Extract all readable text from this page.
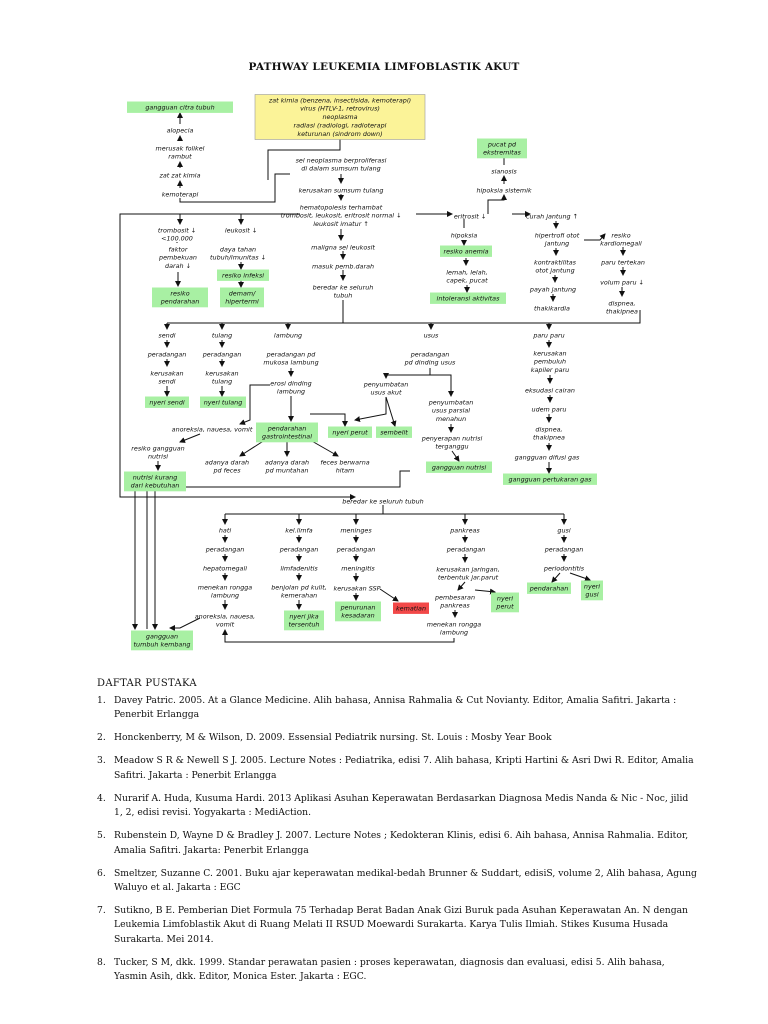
PATHWAY LEUKEMIA LIMFOBLASTIK AKUT
zat kimia (benzena, insectisida, kemoterapi)
virus (HTLV-1, retrovirus)
neoplasma
radiasi (radiologi, radioterapi
keturunan (sindrom down)
gangguan citra tubuh
alopecia
merusak folikel
rambut
zat zat kimia
kemoterapi
sel neoplasma berproliferasi
di dalam sumsum tulang
kerusakan sumsum tulang
hematopoiesis terhambat
trombosit, leukosit, eritrosit normal ↓
leukosit imatur ↑
maligna sel leukosit
masuk pemb.darah
beredar ke seluruh
tubuh
trombosit ↓
<100.000
faktor
pembekuan
darah ↓
resiko
pendarahan
leukosit ↓
daya tahan
tubuh/imunitas ↓
resiko infeksi
demam/
hipertermi
eritrosit ↓
hipoksia
resiko anemia
lemah, lelah,
capek, pucat
intoleransi aktivitas
pucat pd
ekstremitas
sianosis
hipoksia sistemik
curah jantung ↑
hipertrofi otot
jantung
kontraktilitas
otot jantung
payah jantung
thakikardia
resiko
kardiomegali
paru tertekan
volum paru ↓
dispnea,
thakipnea
sendi
peradangan
kerusakan
sendi
nyeri sendi
tulang
peradangan
kerusakan
tulang
nyeri tulang
lambung
peradangan pd
mukosa lambung
erosi dinding
lambung
pendarahan
gastrointestinal
anoreksia, nauesa, vomit
resiko gangguan
nutrisi
nutrisi kurang
dari kebutuhan
adanya darah
pd feces
adanya darah
pd muntahan
feces berwarna
hitam
nyeri perut sembelit
usus
peradangan
pd dinding usus
penyumbatan
usus akut
penyumbatan
usus parsial
menahun
penyerapan nutrisi
terganggu
gangguan nutrisi
paru paru
kerusakan
pembuluh
kapiler paru
eksudasi cairan
udem paru
dispnea,
thakipnea
gangguan difusi gas
gangguan pertukaran gas
beredar ke seluruh tubuh
hati
peradangan
hepatomegali
menekan rongga
lambung
anoreksia, nauesa,
vomit
kel.limfa
peradangan
limfadenitis
benjolan pd kulit,
kemerahan
nyeri jika
tersentuh
meninges
peradangan
meningitis
kerusakan SSP
penurunan
kesadaran
kematian
pankreas
peradangan
kerusakan jaringan,
terbentuk jar.parut
pembesaran
pankreas
nyeri
perut
menekan rongga
lambung
gusi
peradangan
periodontitis
pendarahan nyeri
gusi
gangguan
tumbuh kembang
DAFTAR PUSTAKA
1. Davey Patric. 2005. At a Glance Medicine. Alih bahasa, Annisa Rahmalia & Cut Novianty. Editor, Amalia Safitri. Jakarta : Penerbit Erlangga
2. Honckenberry, M & Wilson, D. 2009. Essensial Pediatrik nursing. St. Louis : Mosby Year Book
3. Meadow S R & Newell S J. 2005. Lecture Notes : Pediatrika, edisi 7. Alih bahasa, Kripti Hartini & Asri Dwi R. Editor, Amalia Safitri. Jakarta : Penerbit Erlangga
4. Nurarif A. Huda, Kusuma Hardi. 2013 Aplikasi Asuhan Keperawatan Berdasarkan Diagnosa Medis Nanda & Nic - Noc, jilid 1, 2, edisi revisi. Yogyakarta : MediAction.
5. Rubenstein D, Wayne D & Bradley J. 2007. Lecture Notes ; Kedokteran Klinis, edisi 6. Aih bahasa, Annisa Rahmalia. Editor, Amalia Safitri. Jakarta: Penerbit Erlangga
6. Smeltzer, Suzanne C. 2001. Buku ajar keperawatan medikal-bedah Brunner & Suddart, edisiS, volume 2, Alih bahasa, Agung Waluyo et al. Jakarta : EGC
7. Sutikno, B E. Pemberian Diet Formula 75 Terhadap Berat Badan Anak Gizi Buruk pada Asuhan Keperawatan An. N dengan Leukemia Limfoblastik Akut di Ruang Melati II RSUD Moewardi Surakarta. Karya Tulis Ilmiah. Stikes Kusuma Husada Surakarta. Mei 2014.
8. Tucker, S M, dkk. 1999. Standar perawatan pasien : proses keperawatan, diagnosis dan evaluasi, edisi 5. Alih bahasa, Yasmin Asih, dkk. Editor, Monica Ester. Jakarta : EGC.
